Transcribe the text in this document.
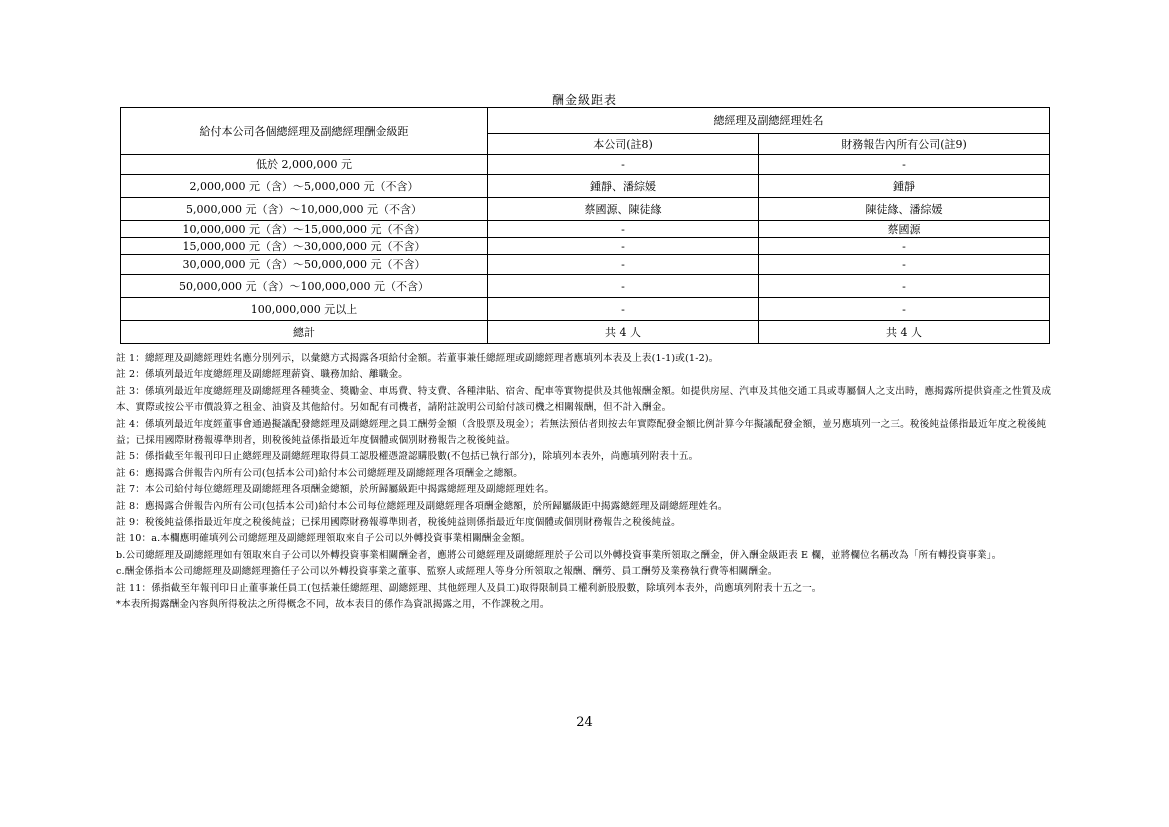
酬金級距表
給付本公司各個總經理及副總經理酬金級距	總經理及副總經理姓名	
	本公司(註8)	財務報告內所有公司(註9)
低於 2,000,000 元	-	-
2,000,000 元（含）～5,000,000 元（不含）	鍾靜、潘綜媛	鍾靜
5,000,000 元（含）～10,000,000 元（不含）	蔡國源、陳徒緣	陳徒緣、潘綜媛
10,000,000 元（含）～15,000,000 元（不含）	-	蔡國源
15,000,000 元（含）～30,000,000 元（不含）	-	-
30,000,000 元（含）～50,000,000 元（不含）	-	-
50,000,000 元（含）～100,000,000 元（不含）	-	-
100,000,000 元以上	-	-
總計	共 4 人	共 4 人
註 1：總經理及副總經理姓名應分別列示，以彙總方式揭露各項給付金額。若董事兼任總經理或副總經理者應填列本表及上表(1-1)或(1-2)。
註 2：係填列最近年度總經理及副總經理薪資、職務加給、離職金。
註 3：係填列最近年度總經理及副總經理各種獎金、獎勵金、車馬費、特支費、各種津貼、宿舍、配車等實物提供及其他報酬金額。如提供房屋、汽車及其他交通工具或專屬個人之支出時，應揭露所提供資產之性質及成本、實際或按公平市價設算之租金、油資及其他給付。另如配有司機者，請附註說明公司給付該司機之相關報酬，但不計入酬金。
註 4：係填列最近年度經董事會通過擬議配發總經理及副總經理之員工酬勞金額（含股票及現金）；若無法預估者則按去年實際配發金額比例計算今年擬議配發金額，並另應填列一之三。稅後純益係指最近年度之稅後純益；已採用國際財務報導準則者，則稅後純益係指最近年度個體或個別財務報告之稅後純益。
註 5：係指截至年報刊印日止總經理及副總經理取得員工認股權憑證認購股數(不包括已執行部分)，除填列本表外，尚應填列附表十五。
註 6：應揭露合併報告內所有公司(包括本公司)給付本公司總經理及副總經理各項酬金之總額。
註 7：本公司給付每位總經理及副總經理各項酬金總額，於所歸屬級距中揭露總經理及副總經理姓名。
註 8：應揭露合併報告內所有公司(包括本公司)給付本公司每位總經理及副總經理各項酬金總額，於所歸屬級距中揭露總經理及副總經理姓名。
註 9：稅後純益係指最近年度之稅後純益；已採用國際財務報導準則者，稅後純益則係指最近年度個體或個別財務報告之稅後純益。
註 10：a.本欄應明確填列公司總經理及副總經理領取來自子公司以外轉投資事業相關酬金金額。
b.公司總經理及副總經理如有領取來自子公司以外轉投資事業相關酬金者，應將公司總經理及副總經理於子公司以外轉投資事業所領取之酬金，併入酬金級距表 E 欄，並將欄位名稱改為「所有轉投資事業」。
c.酬金係指本公司總經理及副總經理擔任子公司以外轉投資事業之董事、監察人或經理人等身分所領取之報酬、酬勞、員工酬勞及業務執行費等相關酬金。
註 11：係指截至年報刊印日止董事兼任員工(包括兼任總經理、副總經理、其他經理人及員工)取得限制員工權利新股股數，除填列本表外，尚應填列附表十五之一。
*本表所揭露酬金內容與所得稅法之所得概念不同，故本表目的係作為資訊揭露之用，不作課稅之用。
24
